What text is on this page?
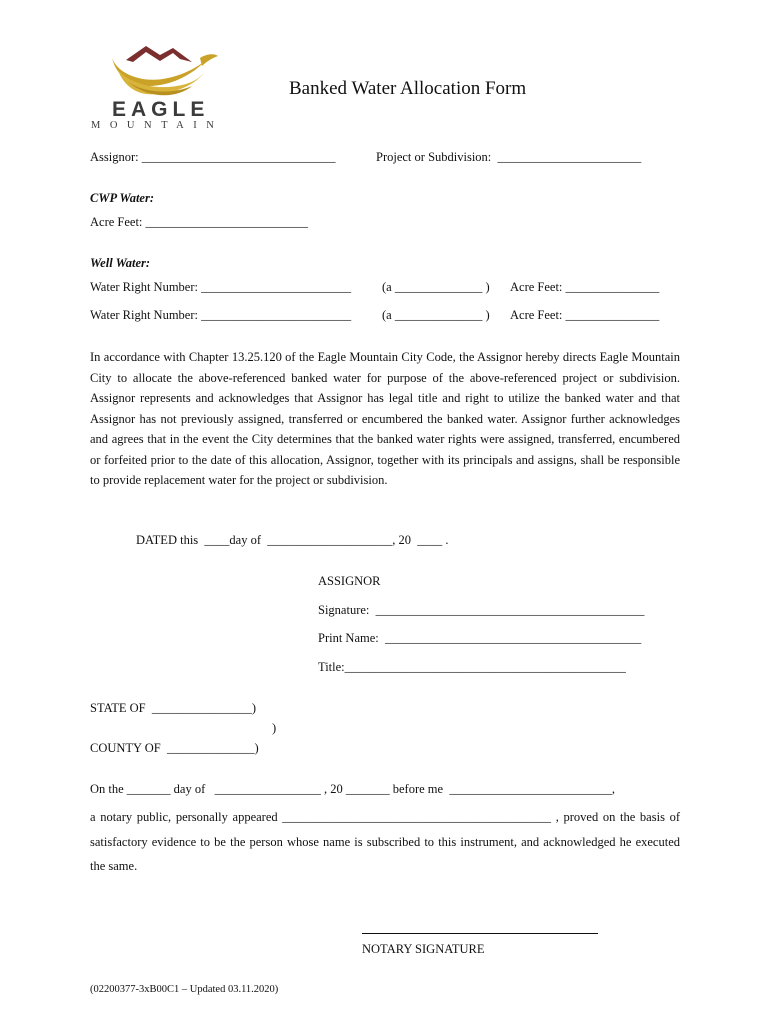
EAGLE
MOUNTAIN
Banked Water Allocation Form
Assignor: _______________________________	Project or Subdivision:  _______________________
CWP Water:
Acre Feet: __________________________
Well Water:
Water Right Number: ________________________ (a ______________ ) Acre Feet: _______________
Water Right Number: ________________________ (a ______________ ) Acre Feet: _______________
In accordance with Chapter 13.25.120 of the Eagle Mountain City Code, the Assignor hereby directs Eagle Mountain City to allocate the above-referenced banked water for purpose of the above-referenced project or subdivision. Assignor represents and acknowledges that Assignor has legal title and right to utilize the banked water and that Assignor has not previously assigned, transferred or encumbered the banked water. Assignor further acknowledges and agrees that in the event the City determines that the banked water rights were assigned, transferred, encumbered or forfeited prior to the date of this allocation, Assignor, together with its principals and assigns, shall be responsible to provide replacement water for the project or subdivision.
DATED this  ____day of  ____________________, 20  ____ .
ASSIGNOR
Signature:  ___________________________________________
Print Name:  _________________________________________
Title:_____________________________________________
STATE OF  ________________)
)
COUNTY OF  ______________)
On the _______ day of   _________________ , 20 _______ before me  __________________________,
a notary public, personally appeared ___________________________________________ , proved on the basis of satisfactory evidence to be the person whose name is subscribed to this instrument, and acknowledged he executed the same.
NOTARY SIGNATURE
(02200377-3xB00C1 – Updated 03.11.2020)
